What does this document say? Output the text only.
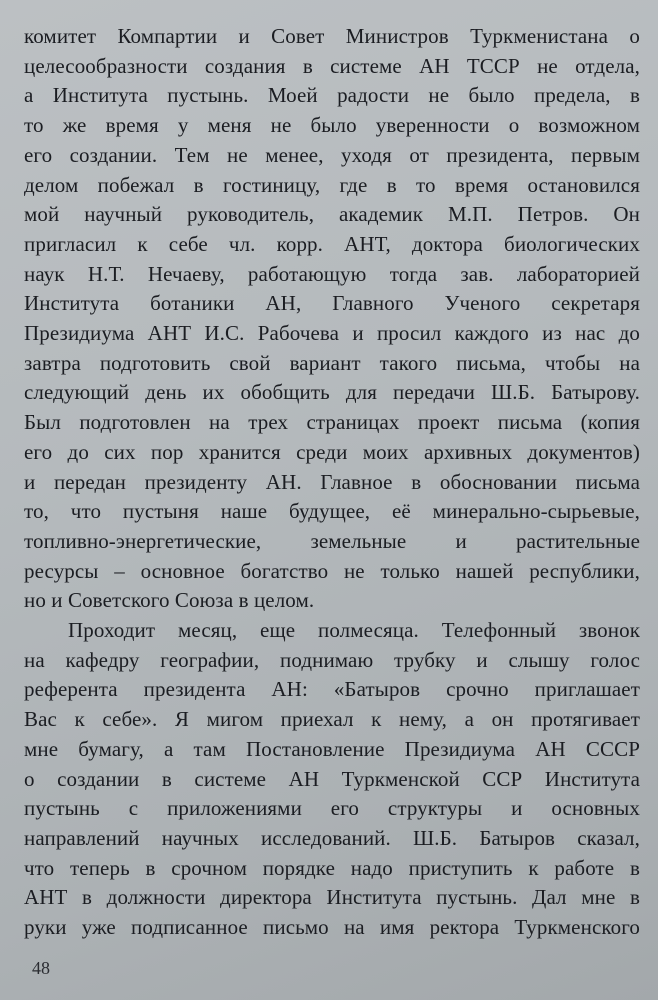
комитет Компартии и Совет Министров Туркменистана о
целесообразности создания в системе АН ТССР не отдела,
а Института пустынь. Моей радости не было предела, в
то же время у меня не было уверенности о возможном
его создании. Тем не менее, уходя от президента, первым
делом побежал в гостиницу, где в то время остановился
мой научный руководитель, академик М.П. Петров. Он
пригласил к себе чл. корр. АНТ, доктора биологических
наук Н.Т. Нечаеву, работающую тогда зав. лабораторией
Института ботаники АН, Главного Ученого секретаря
Президиума АНТ И.С. Рабочева и просил каждого из нас до
завтра подготовить свой вариант такого письма, чтобы на
следующий день их обобщить для передачи Ш.Б. Батырову.
Был подготовлен на трех страницах проект письма (копия
его до сих пор хранится среди моих архивных документов)
и передан президенту АН. Главное в обосновании письма
то, что пустыня наше будущее, её минерально-сырьевые,
топливно-энергетические, земельные и растительные
ресурсы – основное богатство не только нашей республики,
но и Советского Союза в целом.
Проходит месяц, еще полмесяца. Телефонный звонок
на кафедру географии, поднимаю трубку и слышу голос
референта президента АН: «Батыров срочно приглашает
Вас к себе». Я мигом приехал к нему, а он протягивает
мне бумагу, а там Постановление Президиума АН СССР
о создании в системе АН Туркменской ССР Института
пустынь с приложениями его структуры и основных
направлений научных исследований. Ш.Б. Батыров сказал,
что теперь в срочном порядке надо приступить к работе в
АНТ в должности директора Института пустынь. Дал мне в
руки уже подписанное письмо на имя ректора Туркменского
48
